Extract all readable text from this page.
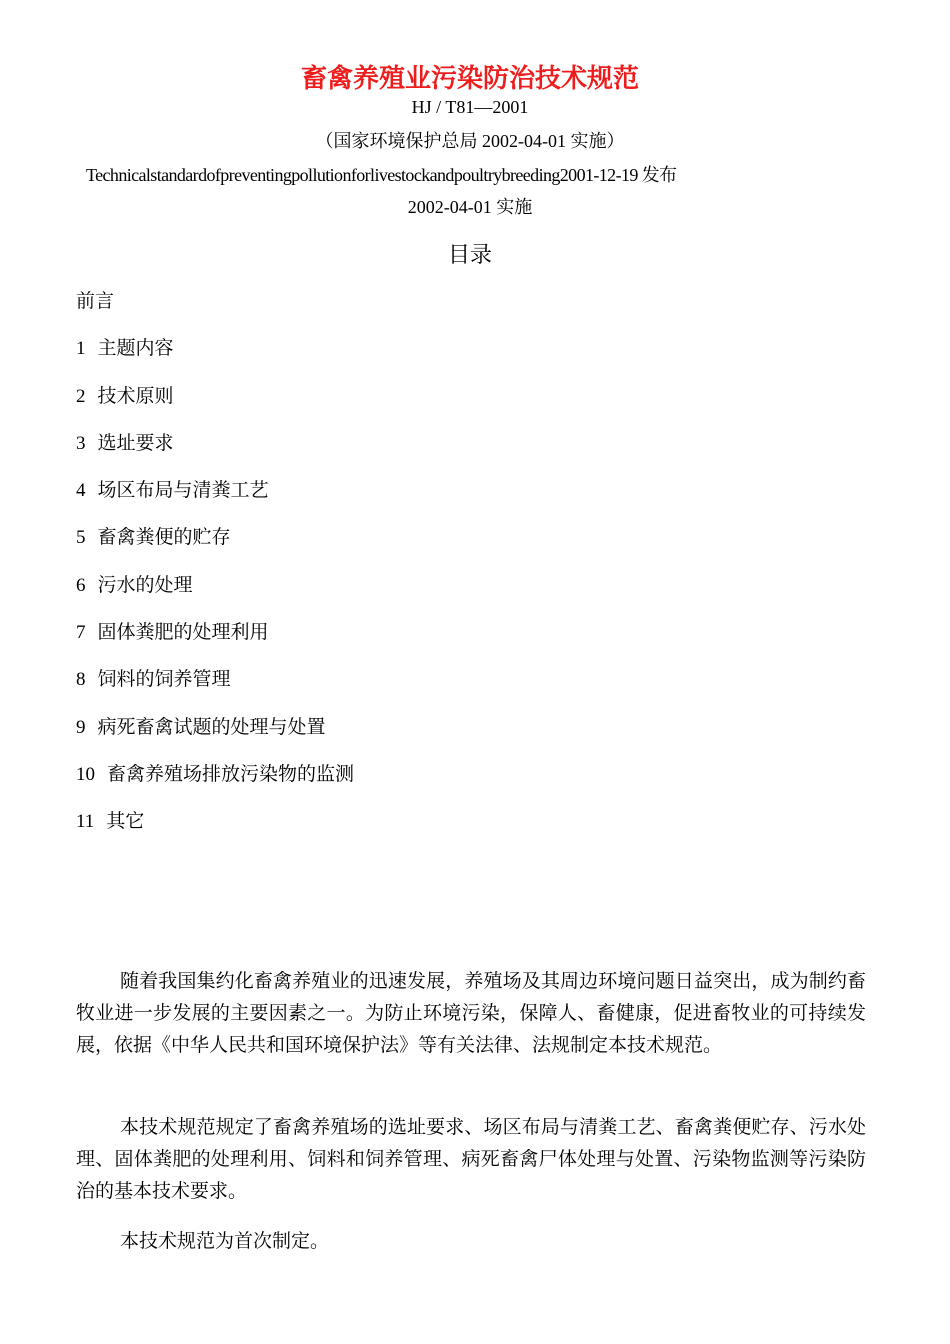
畜禽养殖业污染防治技术规范
HJ / T81—2001
（国家环境保护总局 2002-04-01 实施）
Technicalstandardofpreventingpollutionforlivestockandpoultrybreeding2001-12-19 发布
2002-04-01 实施
目录
前言
1 主题内容
2 技术原则
3 选址要求
4 场区布局与清粪工艺
5 畜禽粪便的贮存
6 污水的处理
7 固体粪肥的处理利用
8 饲料的饲养管理
9 病死畜禽试题的处理与处置
10 畜禽养殖场排放污染物的监测
11 其它

随着我国集约化畜禽养殖业的迅速发展，养殖场及其周边环境问题日益突出，成为制约畜牧业进一步发展的主要因素之一。为防止环境污染，保障人、畜健康，促进畜牧业的可持续发展，依据《中华人民共和国环境保护法》等有关法律、法规制定本技术规范。

本技术规范规定了畜禽养殖场的选址要求、场区布局与清粪工艺、畜禽粪便贮存、污水处理、固体粪肥的处理利用、饲料和饲养管理、病死畜禽尸体处理与处置、污染物监测等污染防治的基本技术要求。

本技术规范为首次制定。
